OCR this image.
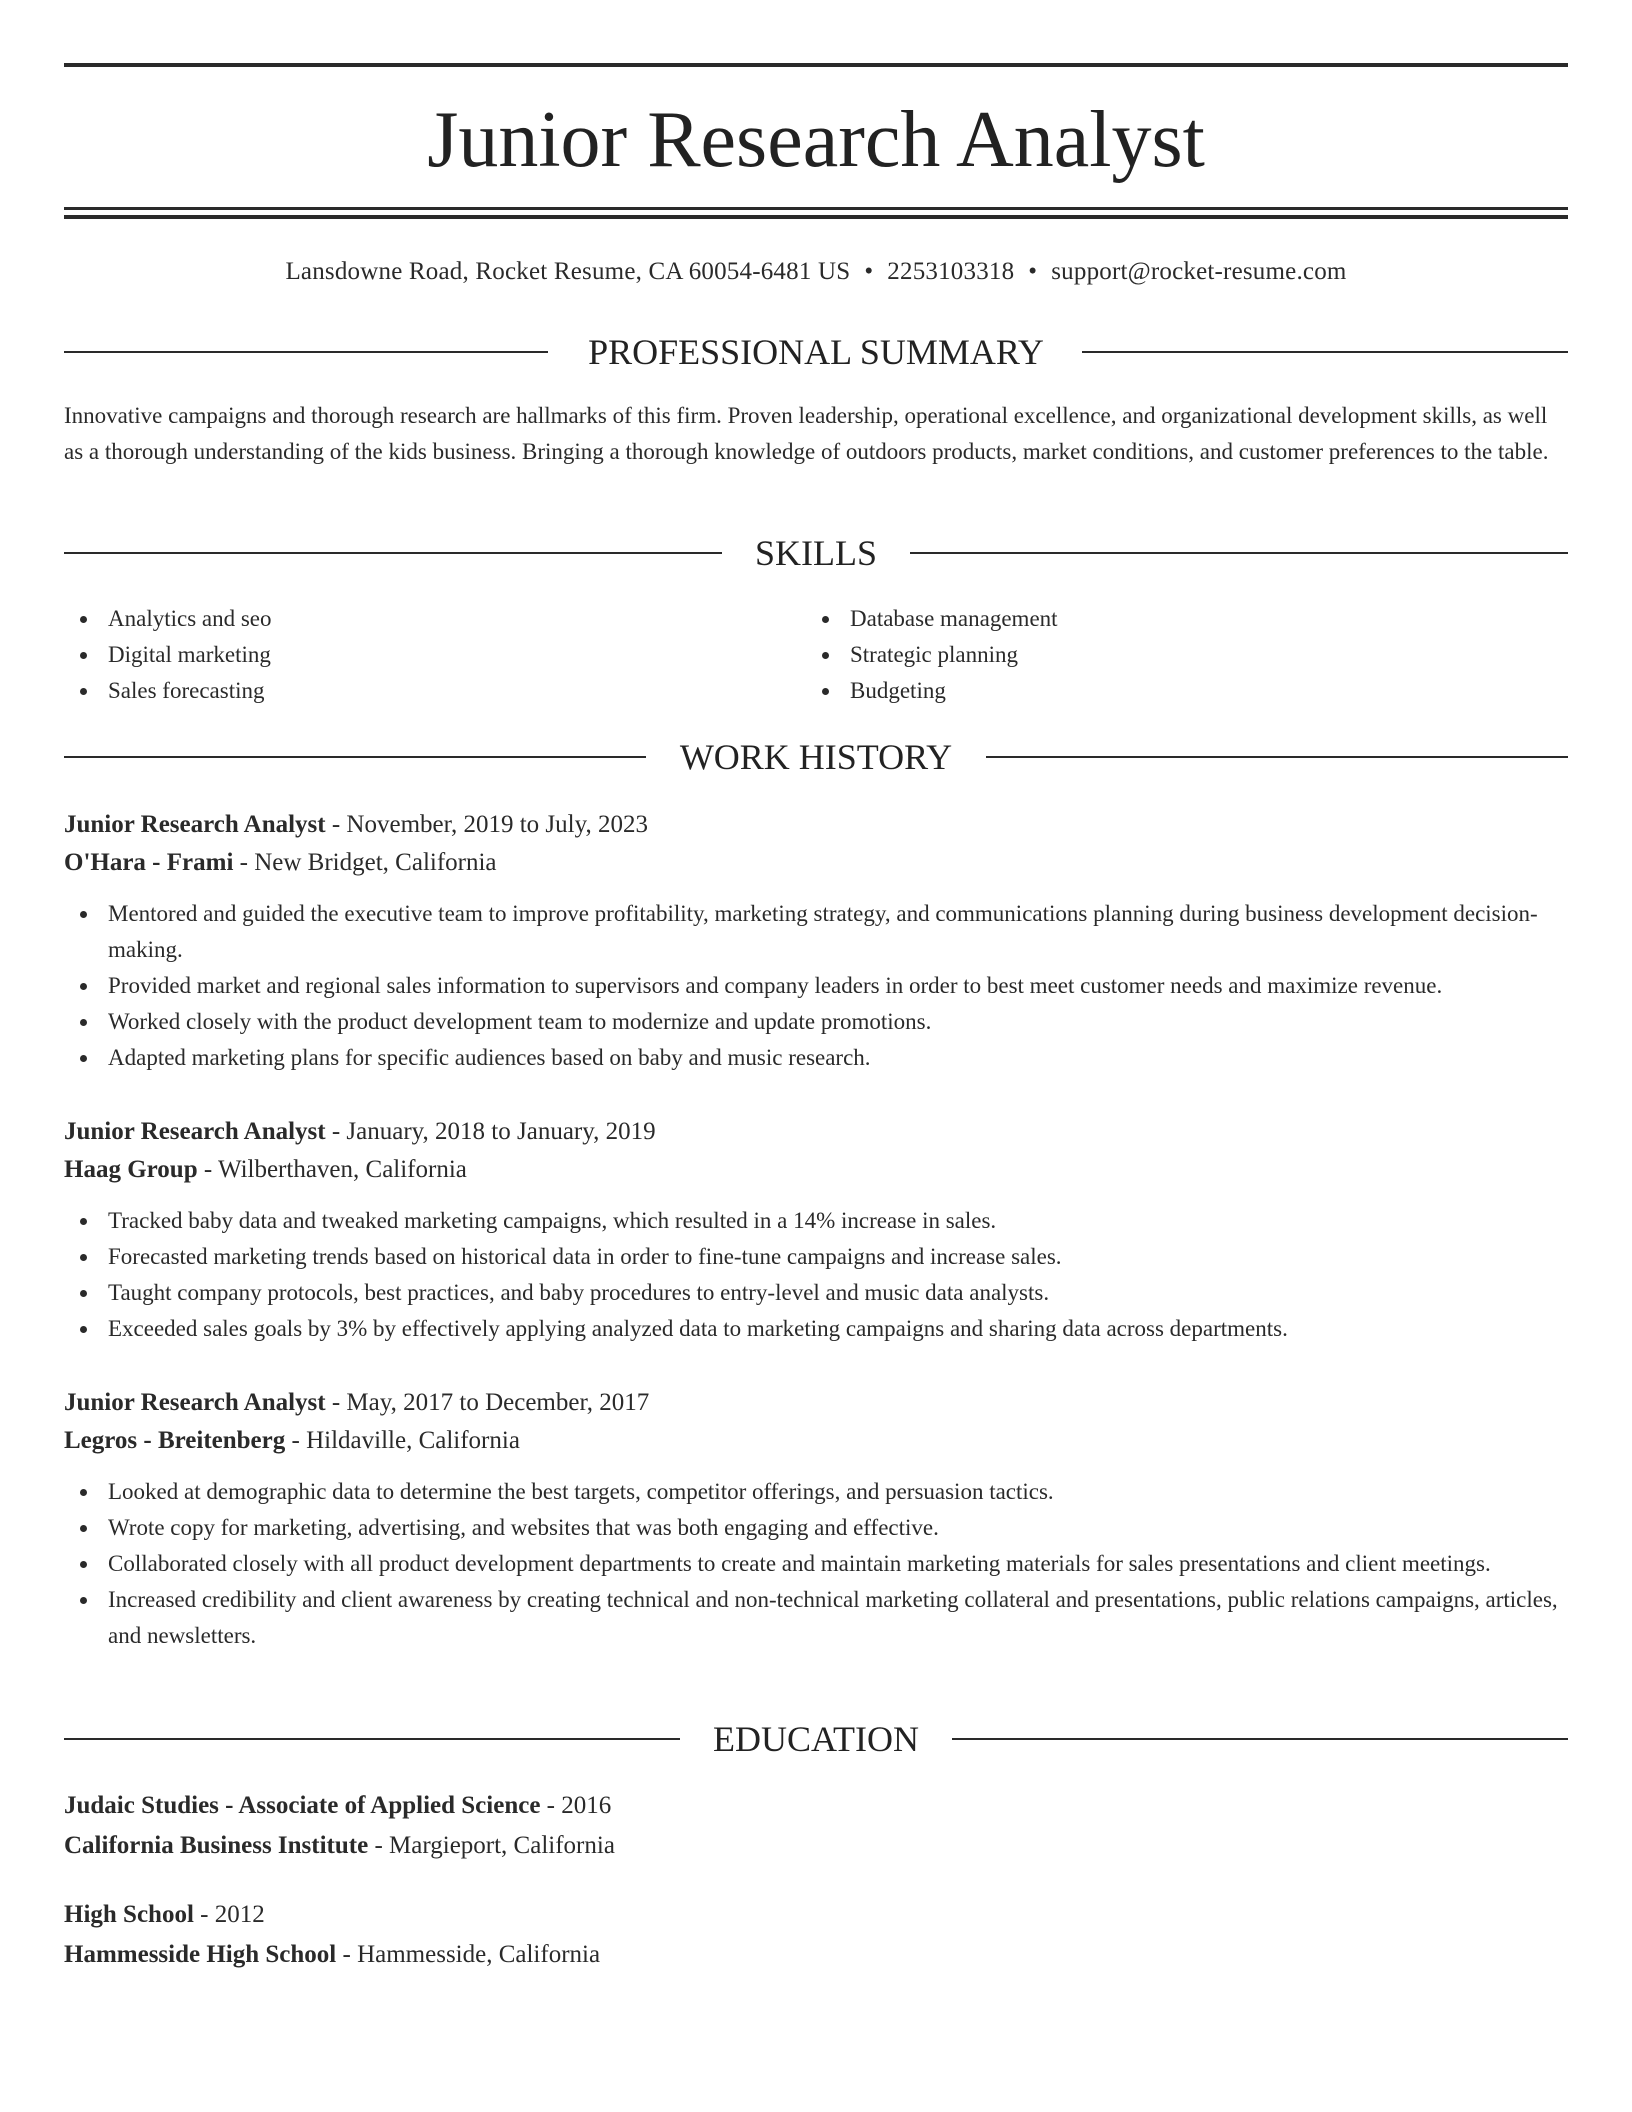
Junior Research Analyst
Lansdowne Road, Rocket Resume, CA 60054-6481 US • 2253103318 • support@rocket-resume.com
PROFESSIONAL SUMMARY
Innovative campaigns and thorough research are hallmarks of this firm. Proven leadership, operational excellence, and organizational development skills, as well as a thorough understanding of the kids business. Bringing a thorough knowledge of outdoors products, market conditions, and customer preferences to the table.
SKILLS
Analytics and seo
Digital marketing
Sales forecasting
Database management
Strategic planning
Budgeting
WORK HISTORY
Junior Research Analyst - November, 2019 to July, 2023
O'Hara - Frami - New Bridget, California
Mentored and guided the executive team to improve profitability, marketing strategy, and communications planning during business development decision-making.
Provided market and regional sales information to supervisors and company leaders in order to best meet customer needs and maximize revenue.
Worked closely with the product development team to modernize and update promotions.
Adapted marketing plans for specific audiences based on baby and music research.
Junior Research Analyst - January, 2018 to January, 2019
Haag Group - Wilberthaven, California
Tracked baby data and tweaked marketing campaigns, which resulted in a 14% increase in sales.
Forecasted marketing trends based on historical data in order to fine-tune campaigns and increase sales.
Taught company protocols, best practices, and baby procedures to entry-level and music data analysts.
Exceeded sales goals by 3% by effectively applying analyzed data to marketing campaigns and sharing data across departments.
Junior Research Analyst - May, 2017 to December, 2017
Legros - Breitenberg - Hildaville, California
Looked at demographic data to determine the best targets, competitor offerings, and persuasion tactics.
Wrote copy for marketing, advertising, and websites that was both engaging and effective.
Collaborated closely with all product development departments to create and maintain marketing materials for sales presentations and client meetings.
Increased credibility and client awareness by creating technical and non-technical marketing collateral and presentations, public relations campaigns, articles, and newsletters.
EDUCATION
Judaic Studies - Associate of Applied Science - 2016
California Business Institute - Margieport, California
High School - 2012
Hammesside High School - Hammesside, California
